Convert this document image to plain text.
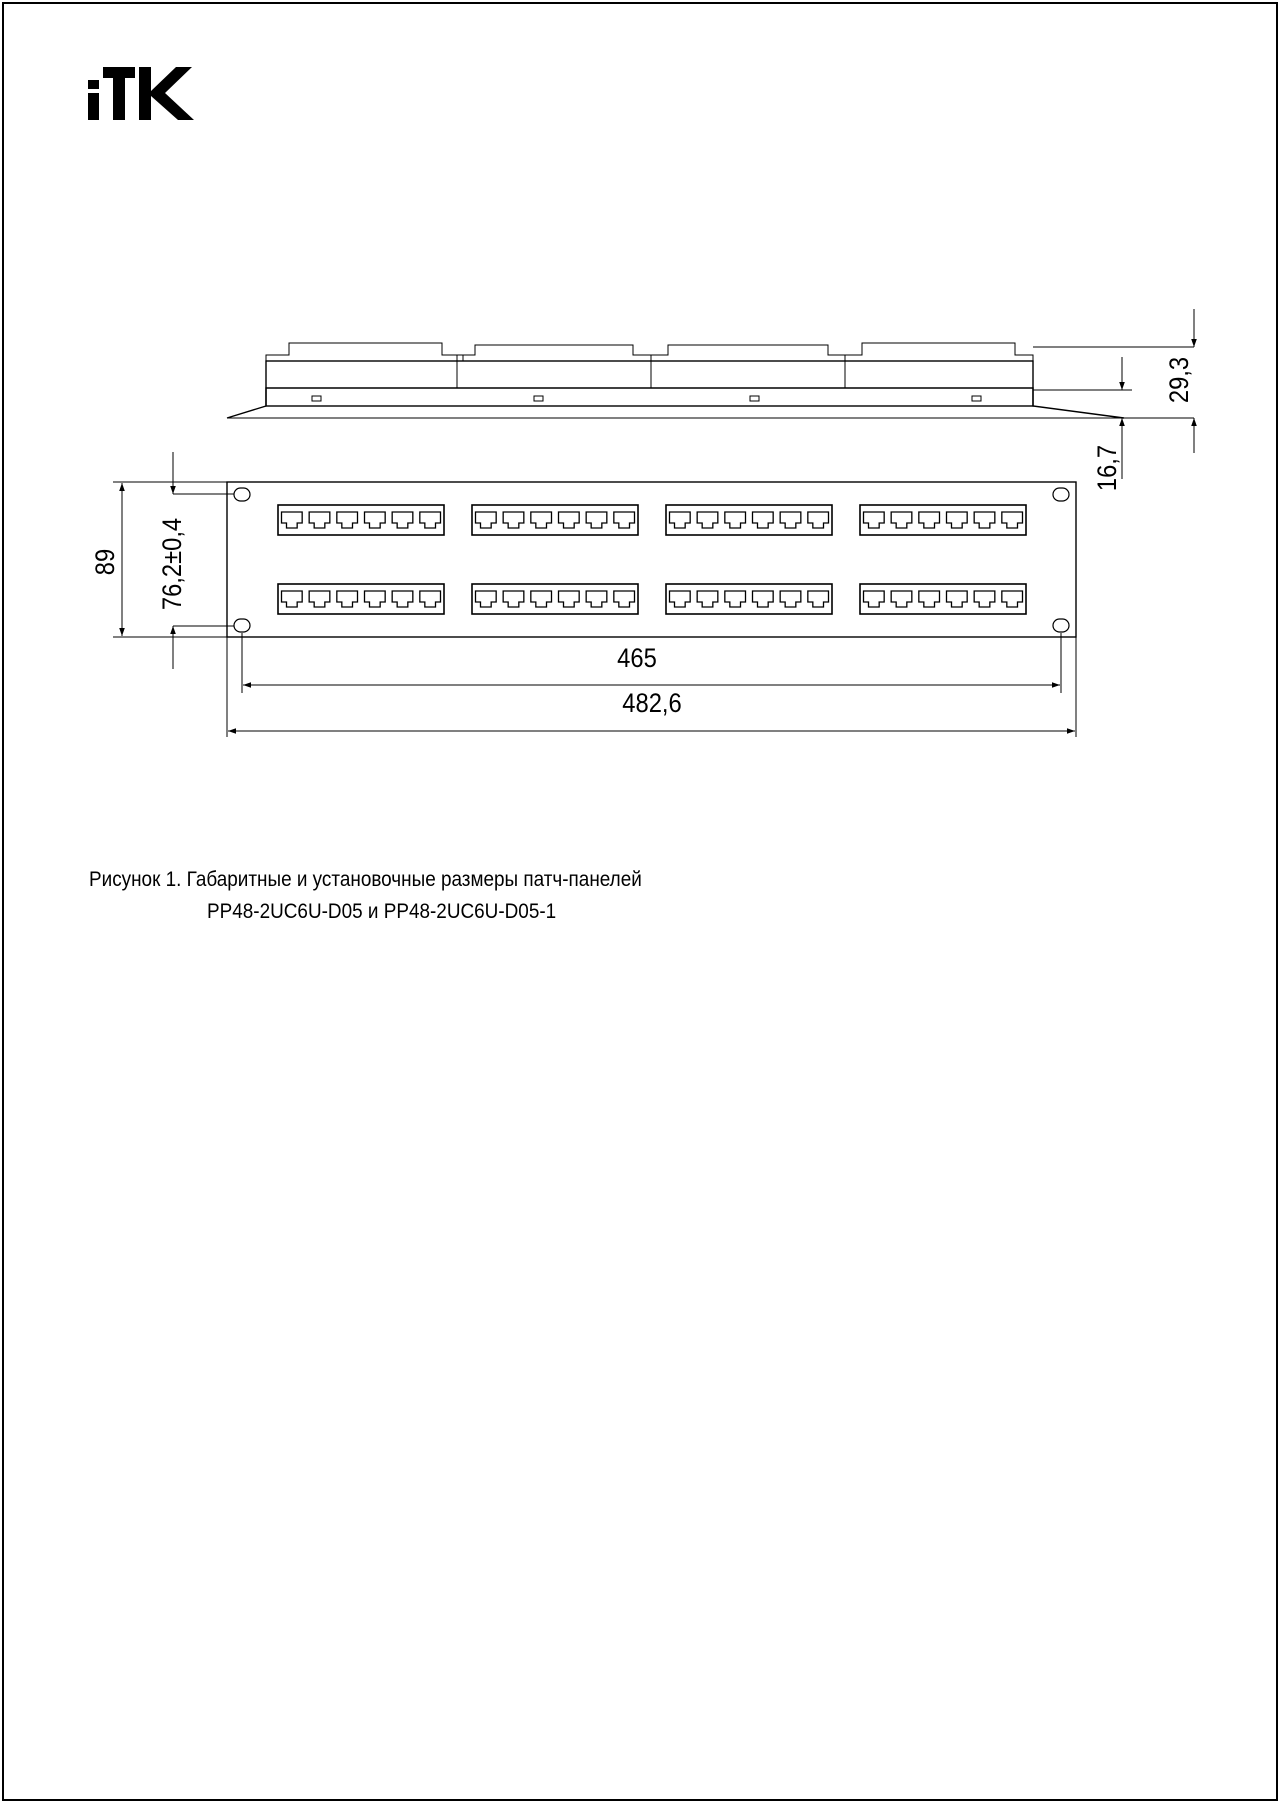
482,6
465
89 76,2±0,4
29,3
16,7
Рисунок 1. Габаритные и установочные размеры патч-панелей
PP48-2UC6U-D05 и PP48-2UC6U-D05-1
